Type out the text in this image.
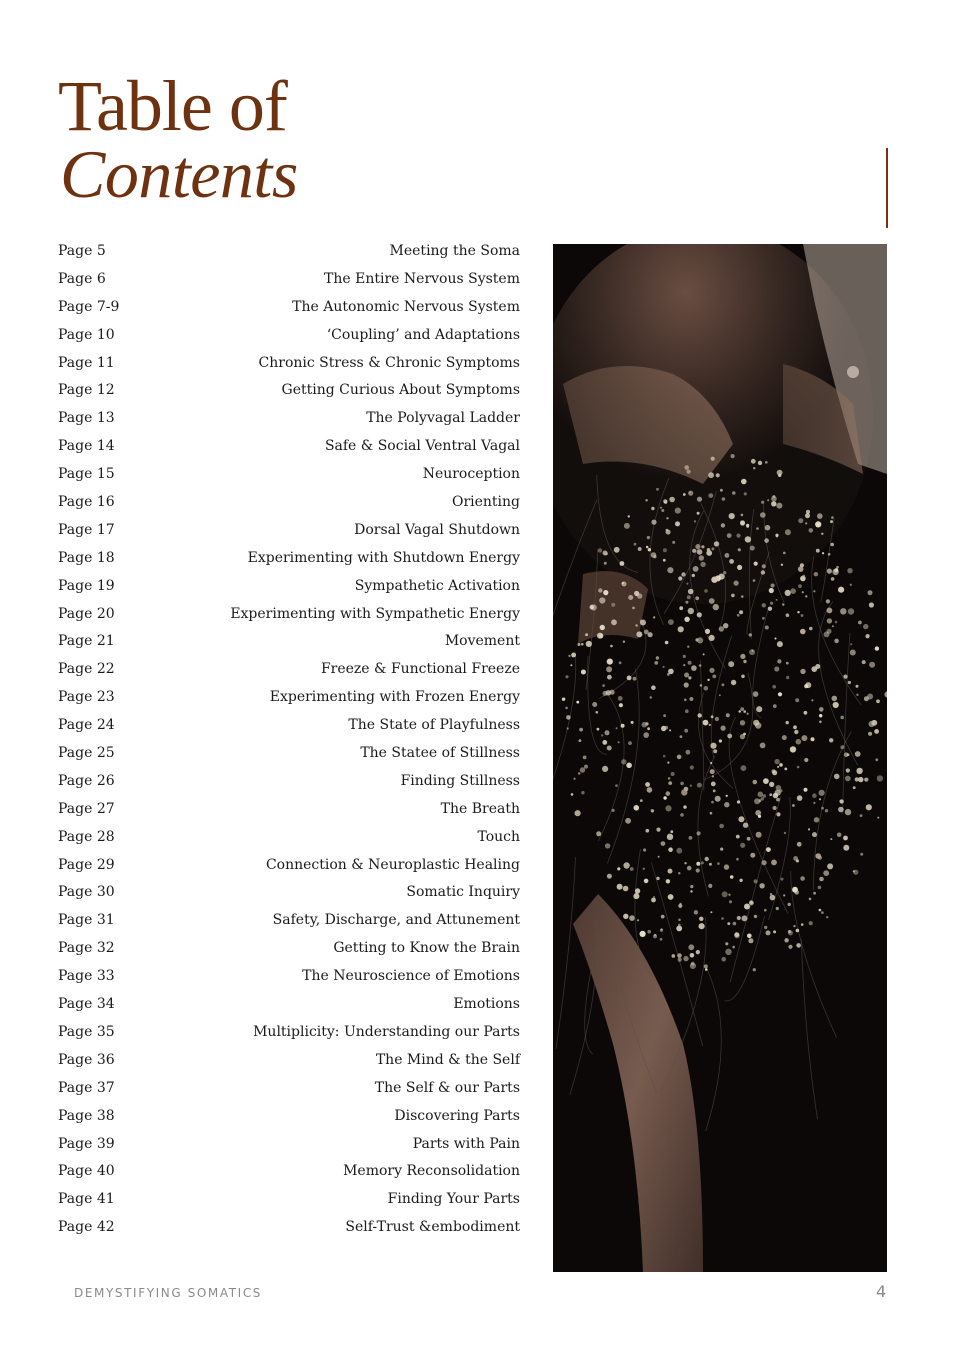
Table of
Contents
Page 5	Meeting the Soma
Page 6	The Entire Nervous System
Page 7-9	The Autonomic Nervous System
Page 10	‘Coupling’ and Adaptations
Page 11	Chronic Stress & Chronic Symptoms
Page 12	Getting Curious About Symptoms
Page 13	The Polyvagal Ladder
Page 14	Safe & Social Ventral Vagal
Page 15	Neuroception
Page 16	Orienting
Page 17	Dorsal Vagal Shutdown
Page 18	Experimenting with Shutdown Energy
Page 19	Sympathetic Activation
Page 20	Experimenting with Sympathetic Energy
Page 21	Movement
Page 22	Freeze & Functional Freeze
Page 23	Experimenting with Frozen Energy
Page 24	The State of Playfulness
Page 25	The Statee of Stillness
Page 26	Finding Stillness
Page 27	The Breath
Page 28	Touch
Page 29	Connection & Neuroplastic Healing
Page 30	Somatic Inquiry
Page 31	Safety, Discharge, and Attunement
Page 32	Getting to Know the Brain
Page 33	The Neuroscience of Emotions
Page 34	Emotions
Page 35	Multiplicity: Understanding our Parts
Page 36	The Mind & the Self
Page 37	The Self & our Parts
Page 38	Discovering Parts
Page 39	Parts with Pain
Page 40	Memory Reconsolidation
Page 41	Finding Your Parts
Page 42	Self-Trust &embodiment
DEMYSTIFYING SOMATICS	4
